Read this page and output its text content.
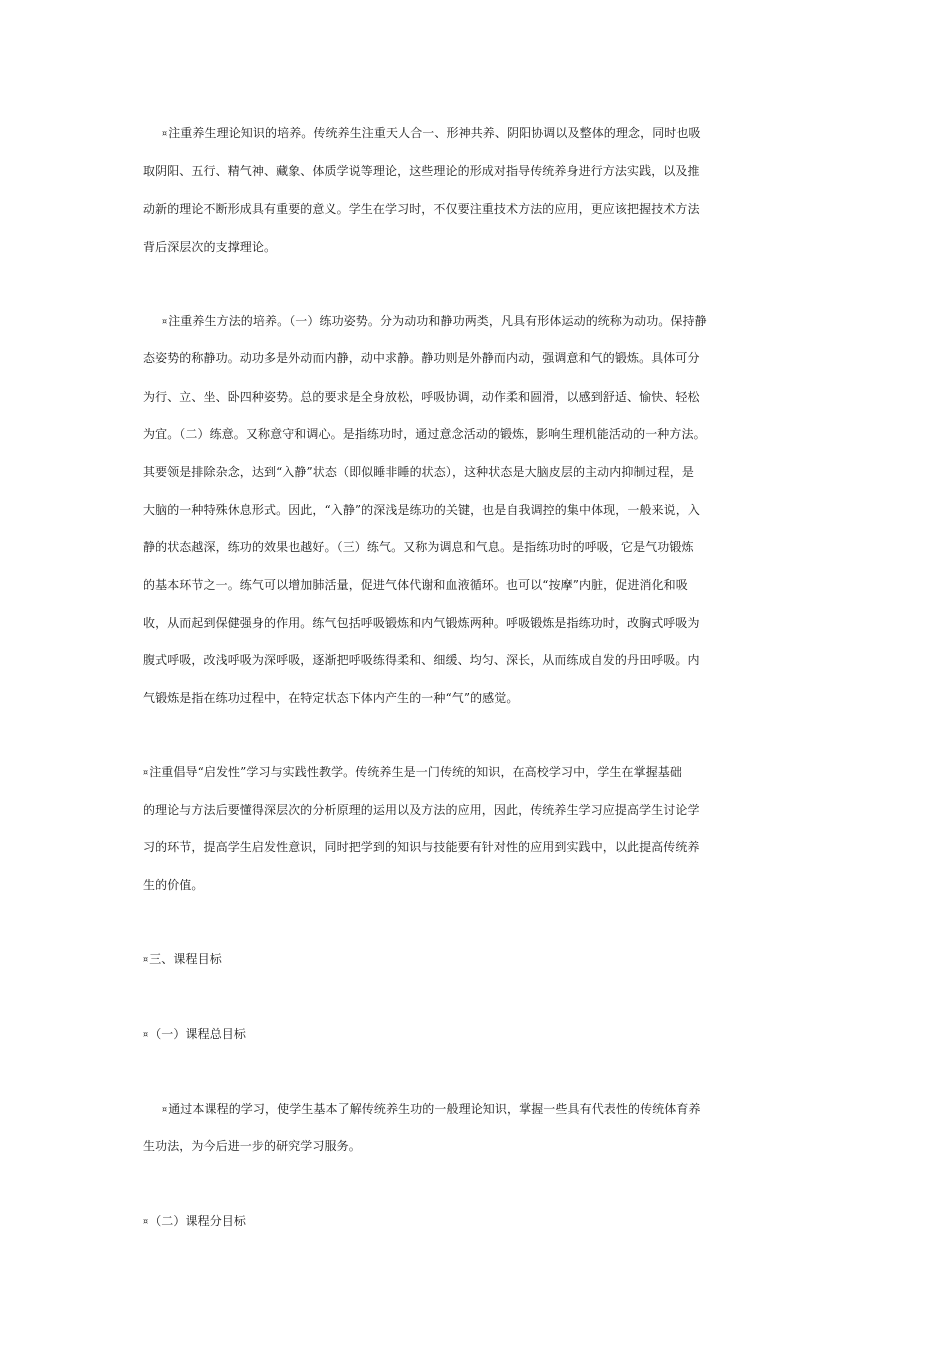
¤注重养生理论知识的培养。传统养生注重天人合一、形神共养、阴阳协调以及整体的理念，同时也吸
取阴阳、五行、精气神、藏象、体质学说等理论，这些理论的形成对指导传统养身进行方法实践，以及推
动新的理论不断形成具有重要的意义。学生在学习时，不仅要注重技术方法的应用，更应该把握技术方法
背后深层次的支撑理论。
¤注重养生方法的培养。（一）练功姿势。分为动功和静功两类，凡具有形体运动的统称为动功。保持静
态姿势的称静功。动功多是外动而内静，动中求静。静功则是外静而内动，强调意和气的锻炼。具体可分
为行、立、坐、卧四种姿势。总的要求是全身放松，呼吸协调，动作柔和圆滑，以感到舒适、愉快、轻松
为宜。（二）练意。又称意守和调心。是指练功时，通过意念活动的锻炼，影响生理机能活动的一种方法。
其要领是排除杂念，达到“入静”状态（即似睡非睡的状态），这种状态是大脑皮层的主动内抑制过程，是
大脑的一种特殊休息形式。因此，“入静”的深浅是练功的关键，也是自我调控的集中体现，一般来说，入
静的状态越深，练功的效果也越好。（三）练气。又称为调息和气息。是指练功时的呼吸，它是气功锻炼
的基本环节之一。练气可以增加肺活量，促进气体代谢和血液循环。也可以“按摩”内脏，促进消化和吸
收，从而起到保健强身的作用。练气包括呼吸锻炼和内气锻炼两种。呼吸锻炼是指练功时，改胸式呼吸为
腹式呼吸，改浅呼吸为深呼吸，逐渐把呼吸练得柔和、细缓、均匀、深长，从而练成自发的丹田呼吸。内
气锻炼是指在练功过程中，在特定状态下体内产生的一种“气”的感觉。
¤注重倡导“启发性”学习与实践性教学。传统养生是一门传统的知识，在高校学习中，学生在掌握基础
的理论与方法后要懂得深层次的分析原理的运用以及方法的应用，因此，传统养生学习应提高学生讨论学
习的环节，提高学生启发性意识，同时把学到的知识与技能要有针对性的应用到实践中，以此提高传统养
生的价值。
¤三、课程目标
¤（一）课程总目标
¤通过本课程的学习，使学生基本了解传统养生功的一般理论知识，掌握一些具有代表性的传统体育养
生功法，为今后进一步的研究学习服务。
¤（二）课程分目标
